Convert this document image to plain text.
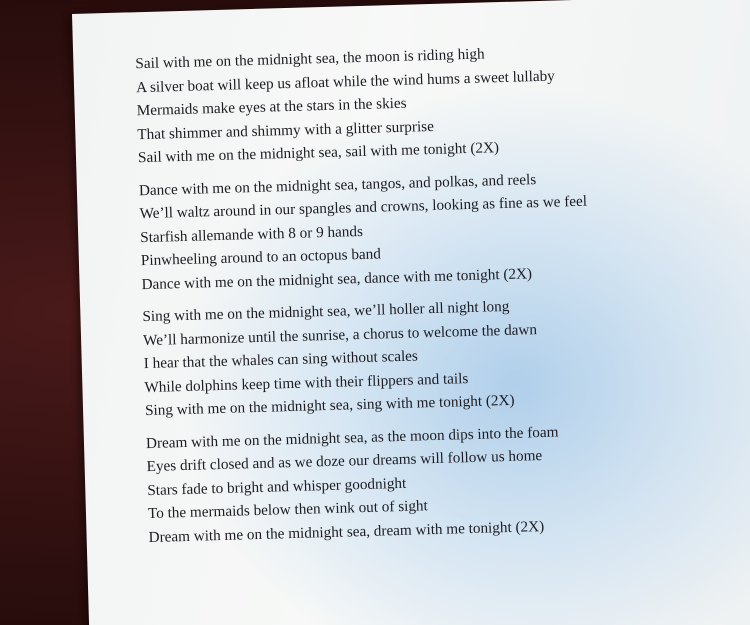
Sail with me on the midnight sea, the moon is riding high
A silver boat will keep us afloat while the wind hums a sweet lullaby
Mermaids make eyes at the stars in the skies
That shimmer and shimmy with a glitter surprise
Sail with me on the midnight sea, sail with me tonight (2X)
Dance with me on the midnight sea, tangos, and polkas, and reels
We’ll waltz around in our spangles and crowns, looking as fine as we feel
Starfish allemande with 8 or 9 hands
Pinwheeling around to an octopus band
Dance with me on the midnight sea, dance with me tonight (2X)
Sing with me on the midnight sea, we’ll holler all night long
We’ll harmonize until the sunrise, a chorus to welcome the dawn
I hear that the whales can sing without scales
While dolphins keep time with their flippers and tails
Sing with me on the midnight sea, sing with me tonight (2X)
Dream with me on the midnight sea, as the moon dips into the foam
Eyes drift closed and as we doze our dreams will follow us home
Stars fade to bright and whisper goodnight
To the mermaids below then wink out of sight
Dream with me on the midnight sea, dream with me tonight (2X)
